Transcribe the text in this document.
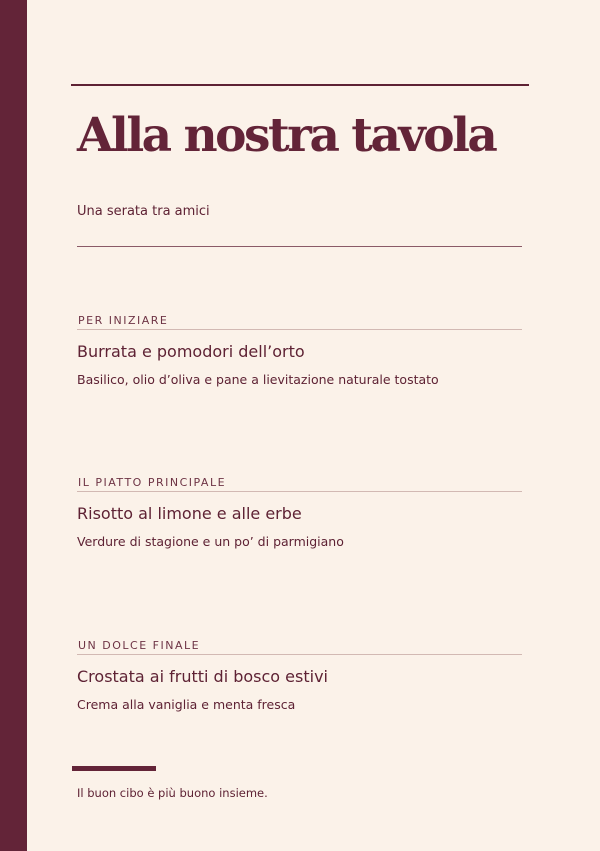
Alla nostra tavola
Una serata tra amici
PER INIZIARE
Burrata e pomodori dell’orto
Basilico, olio d’oliva e pane a lievitazione naturale tostato
IL PIATTO PRINCIPALE
Risotto al limone e alle erbe
Verdure di stagione e un po’ di parmigiano
UN DOLCE FINALE
Crostata ai frutti di bosco estivi
Crema alla vaniglia e menta fresca
Il buon cibo è più buono insieme.
